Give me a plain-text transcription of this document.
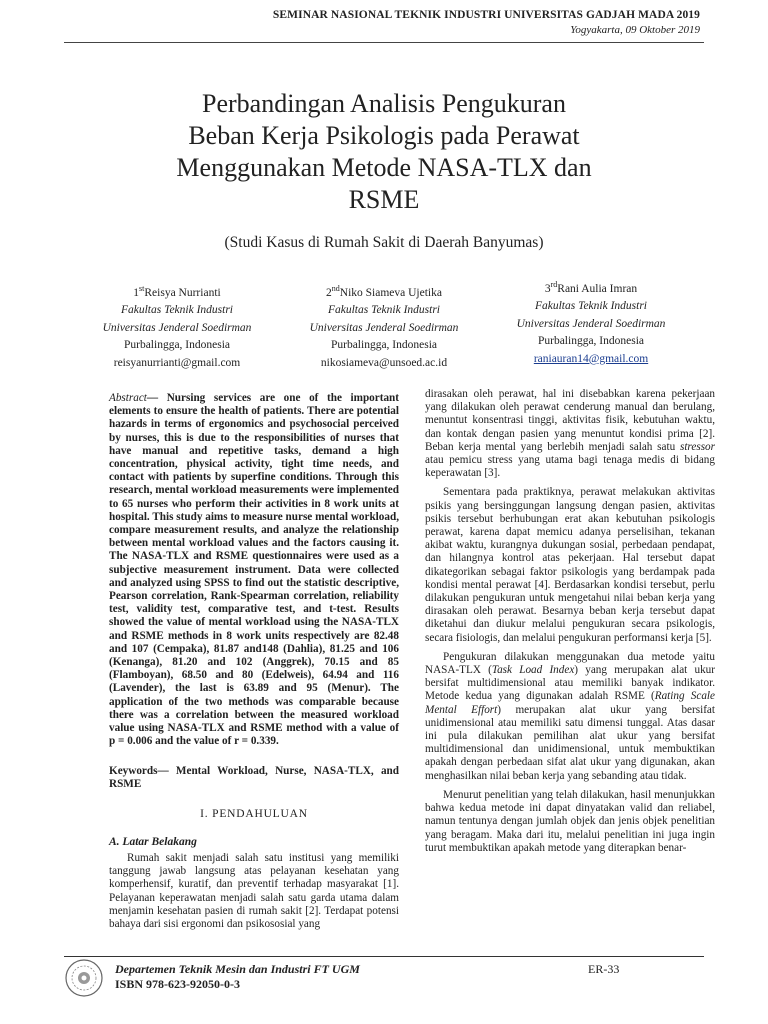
SEMINAR NASIONAL TEKNIK INDUSTRI UNIVERSITAS GADJAH MADA 2019
Yogyakarta, 09 Oktober 2019
Perbandingan Analisis Pengukuran
Beban Kerja Psikologis pada Perawat
Menggunakan Metode NASA-TLX dan
RSME
(Studi Kasus di Rumah Sakit di Daerah Banyumas)
1stReisya Nurrianti
Fakultas Teknik Industri
Universitas Jenderal Soedirman
Purbalingga, Indonesia
reisyanurrianti@gmail.com
2ndNiko Siameva Ujetika
Fakultas Teknik Industri
Universitas Jenderal Soedirman
Purbalingga, Indonesia
nikosiameva@unsoed.ac.id
3rdRani Aulia Imran
Fakultas Teknik Industri
Universitas Jenderal Soedirman
Purbalingga, Indonesia
raniauran14@gmail.com
Abstract— Nursing services are one of the important elements to ensure the health of patients. There are potential hazards in terms of ergonomics and psychosocial perceived by nurses, this is due to the responsibilities of nurses that have manual and repetitive tasks, demand a high concentration, physical activity, tight time needs, and contact with patients by superfine conditions. Through this research, mental workload measurements were implemented to 65 nurses who perform their activities in 8 work units at hospital. This study aims to measure nurse mental workload, compare measurement results, and analyze the relationship between mental workload values and the factors causing it. The NASA-TLX and RSME questionnaires were used as a subjective measurement instrument. Data were collected and analyzed using SPSS to find out the statistic descriptive, Pearson correlation, Rank-Spearman correlation, reliability test, validity test, comparative test, and t-test. Results showed the value of mental workload using the NASA-TLX and RSME methods in 8 work units respectively are 82.48 and 107 (Cempaka), 81.87 and148 (Dahlia), 81.25 and 106 (Kenanga), 81.20 and 102 (Anggrek), 70.15 and 85 (Flamboyan), 68.50 and 80 (Edelweis), 64.94 and 116 (Lavender), the last is 63.89 and 95 (Menur). The application of the two methods was comparable because there was a correlation between the measured workload value using NASA-TLX and RSME method with a value of p = 0.006 and the value of r = 0.339.
Keywords— Mental Workload, Nurse, NASA-TLX, and RSME
I. PENDAHULUAN
A. Latar Belakang

Rumah sakit menjadi salah satu institusi yang memiliki tanggung jawab langsung atas pelayanan kesehatan yang komperhensif, kuratif, dan preventif terhadap masyarakat [1]. Pelayanan keperawatan menjadi salah satu garda utama dalam menjamin kesehatan pasien di rumah sakit [2]. Terdapat potensi bahaya dari sisi ergonomi dan psikososial yang

dirasakan oleh perawat, hal ini disebabkan karena pekerjaan yang dilakukan oleh perawat cenderung manual dan berulang, menuntut konsentrasi tinggi, aktivitas fisik, kebutuhan waktu, dan kontak dengan pasien yang menuntut kondisi prima [2]. Beban kerja mental yang berlebih menjadi salah satu stressor atau pemicu stress yang utama bagi tenaga medis di bidang keperawatan [3].

Sementara pada praktiknya, perawat melakukan aktivitas psikis yang bersinggungan langsung dengan pasien, aktivitas psikis tersebut berhubungan erat akan kebutuhan psikologis perawat, karena dapat memicu adanya perselisihan, tekanan akibat waktu, kurangnya dukungan sosial, perbedaan pendapat, dan hilangnya kontrol atas pekerjaan. Hal tersebut dapat dikategorikan sebagai faktor psikologis yang berdampak pada kondisi mental perawat [4]. Berdasarkan kondisi tersebut, perlu dilakukan pengukuran untuk mengetahui nilai beban kerja yang dirasakan oleh perawat. Besarnya beban kerja tersebut dapat diketahui dan diukur melalui pengukuran secara psikologis, secara fisiologis, dan melalui pengukuran performansi kerja [5].

Pengukuran dilakukan menggunakan dua metode yaitu NASA-TLX (Task Load Index) yang merupakan alat ukur bersifat multidimensional atau memiliki banyak indikator. Metode kedua yang digunakan adalah RSME (Rating Scale Mental Effort) merupakan alat ukur yang bersifat unidimensional atau memiliki satu dimensi tunggal. Atas dasar ini pula dilakukan pemilihan alat ukur yang bersifat multidimensional dan unidimensional, untuk membuktikan apakah dengan perbedaan sifat alat ukur yang digunakan, akan menghasilkan nilai beban kerja yang sebanding atau tidak.

Menurut penelitian yang telah dilakukan, hasil menunjukkan bahwa kedua metode ini dapat dinyatakan valid dan reliabel, namun tentunya dengan jumlah objek dan jenis objek penelitian yang beragam. Maka dari itu, melalui penelitian ini juga ingin turut membuktikan apakah metode yang diterapkan benar-

Departemen Teknik Mesin dan Industri FT UGM
ISBN 978-623-92050-0-3
ER-33
